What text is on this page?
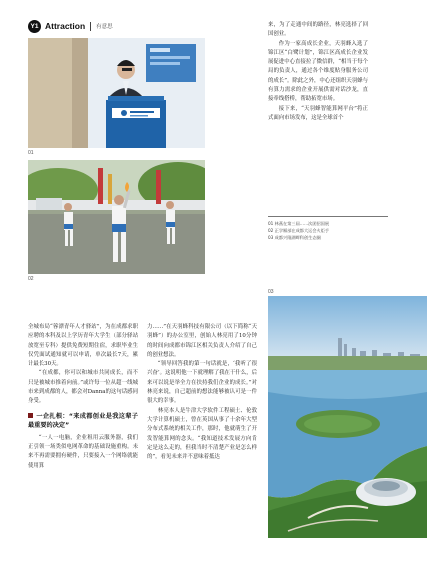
Y1 Attraction 有意思
01
02

来，为了走通中间的路径，林亮选择了回国创业。

作为一家高成长企业，天羽蜂入选了锦江区“白鹭计划”，锦江区高成长企业发展促进中心直接拉了微信群，“相当于每个局的负责人，通过各个维度贴身服务公司的成长”。除此之外，中心还组织天羽蜂与有算力需求的企业开展供需对话沙龙，直接牵线搭桥，帮助拓宽市场。

接下来，“天羽蜂智能算网平台”将正式面向市场发布，这是全球首个

01 林燕在第三届……次团招国展
02 正学厢部在成都大运会火炬手
03 成都兴隆湖畔科创生态圈
03

全城布局“蓉漂青年人才驿站”，为在成都求职应聘的本科及以上学历青年大学生（部分驿站放宽至专科）提供免费短期住宿，求职毕业生仅凭面试通知就可以申请，单次最长7天，累计最长30天。

“在成都，你可以和城市共同成长，而不只是被城市推着向前。”或许每一位从超一线城市来到成都的人，都会对Danna的这句话感同身受。

一企扎根：“来成都创业是我这辈子最重要的决定”

“一人一电脑，企业租用云服务器，我们正引领一场类似电网革命的基础设施重构。未来不再需要拥有硬件，只要接入一个网络就能使用算

力……”在天羽蜂科技有限公司（以下简称“天羽蜂”）的办公室里，创始人林亮用了10分钟的时间向成都市锦江区相关负责人介绍了自己的创业想法。

“领导回答我的第一句话就是，‘我听了很兴奋’。这说明他一下就理解了我在干什么，后来可以说是举全力在扶持我们企业的成长。”对林亮来说，自己超前的想法能够被认可是一件很大的幸事。

林亮本人是牛津大学软件工程硕士、伦敦大学计算机硕士，曾在英国从事了十余年大型分布式系统的相关工作，那时，他就萌生了开发智能算网的念头。“我知道技术发展方向肯定是这么走的，但我当时不清楚产业是怎么样的”，看见未来并不意味着抵达
